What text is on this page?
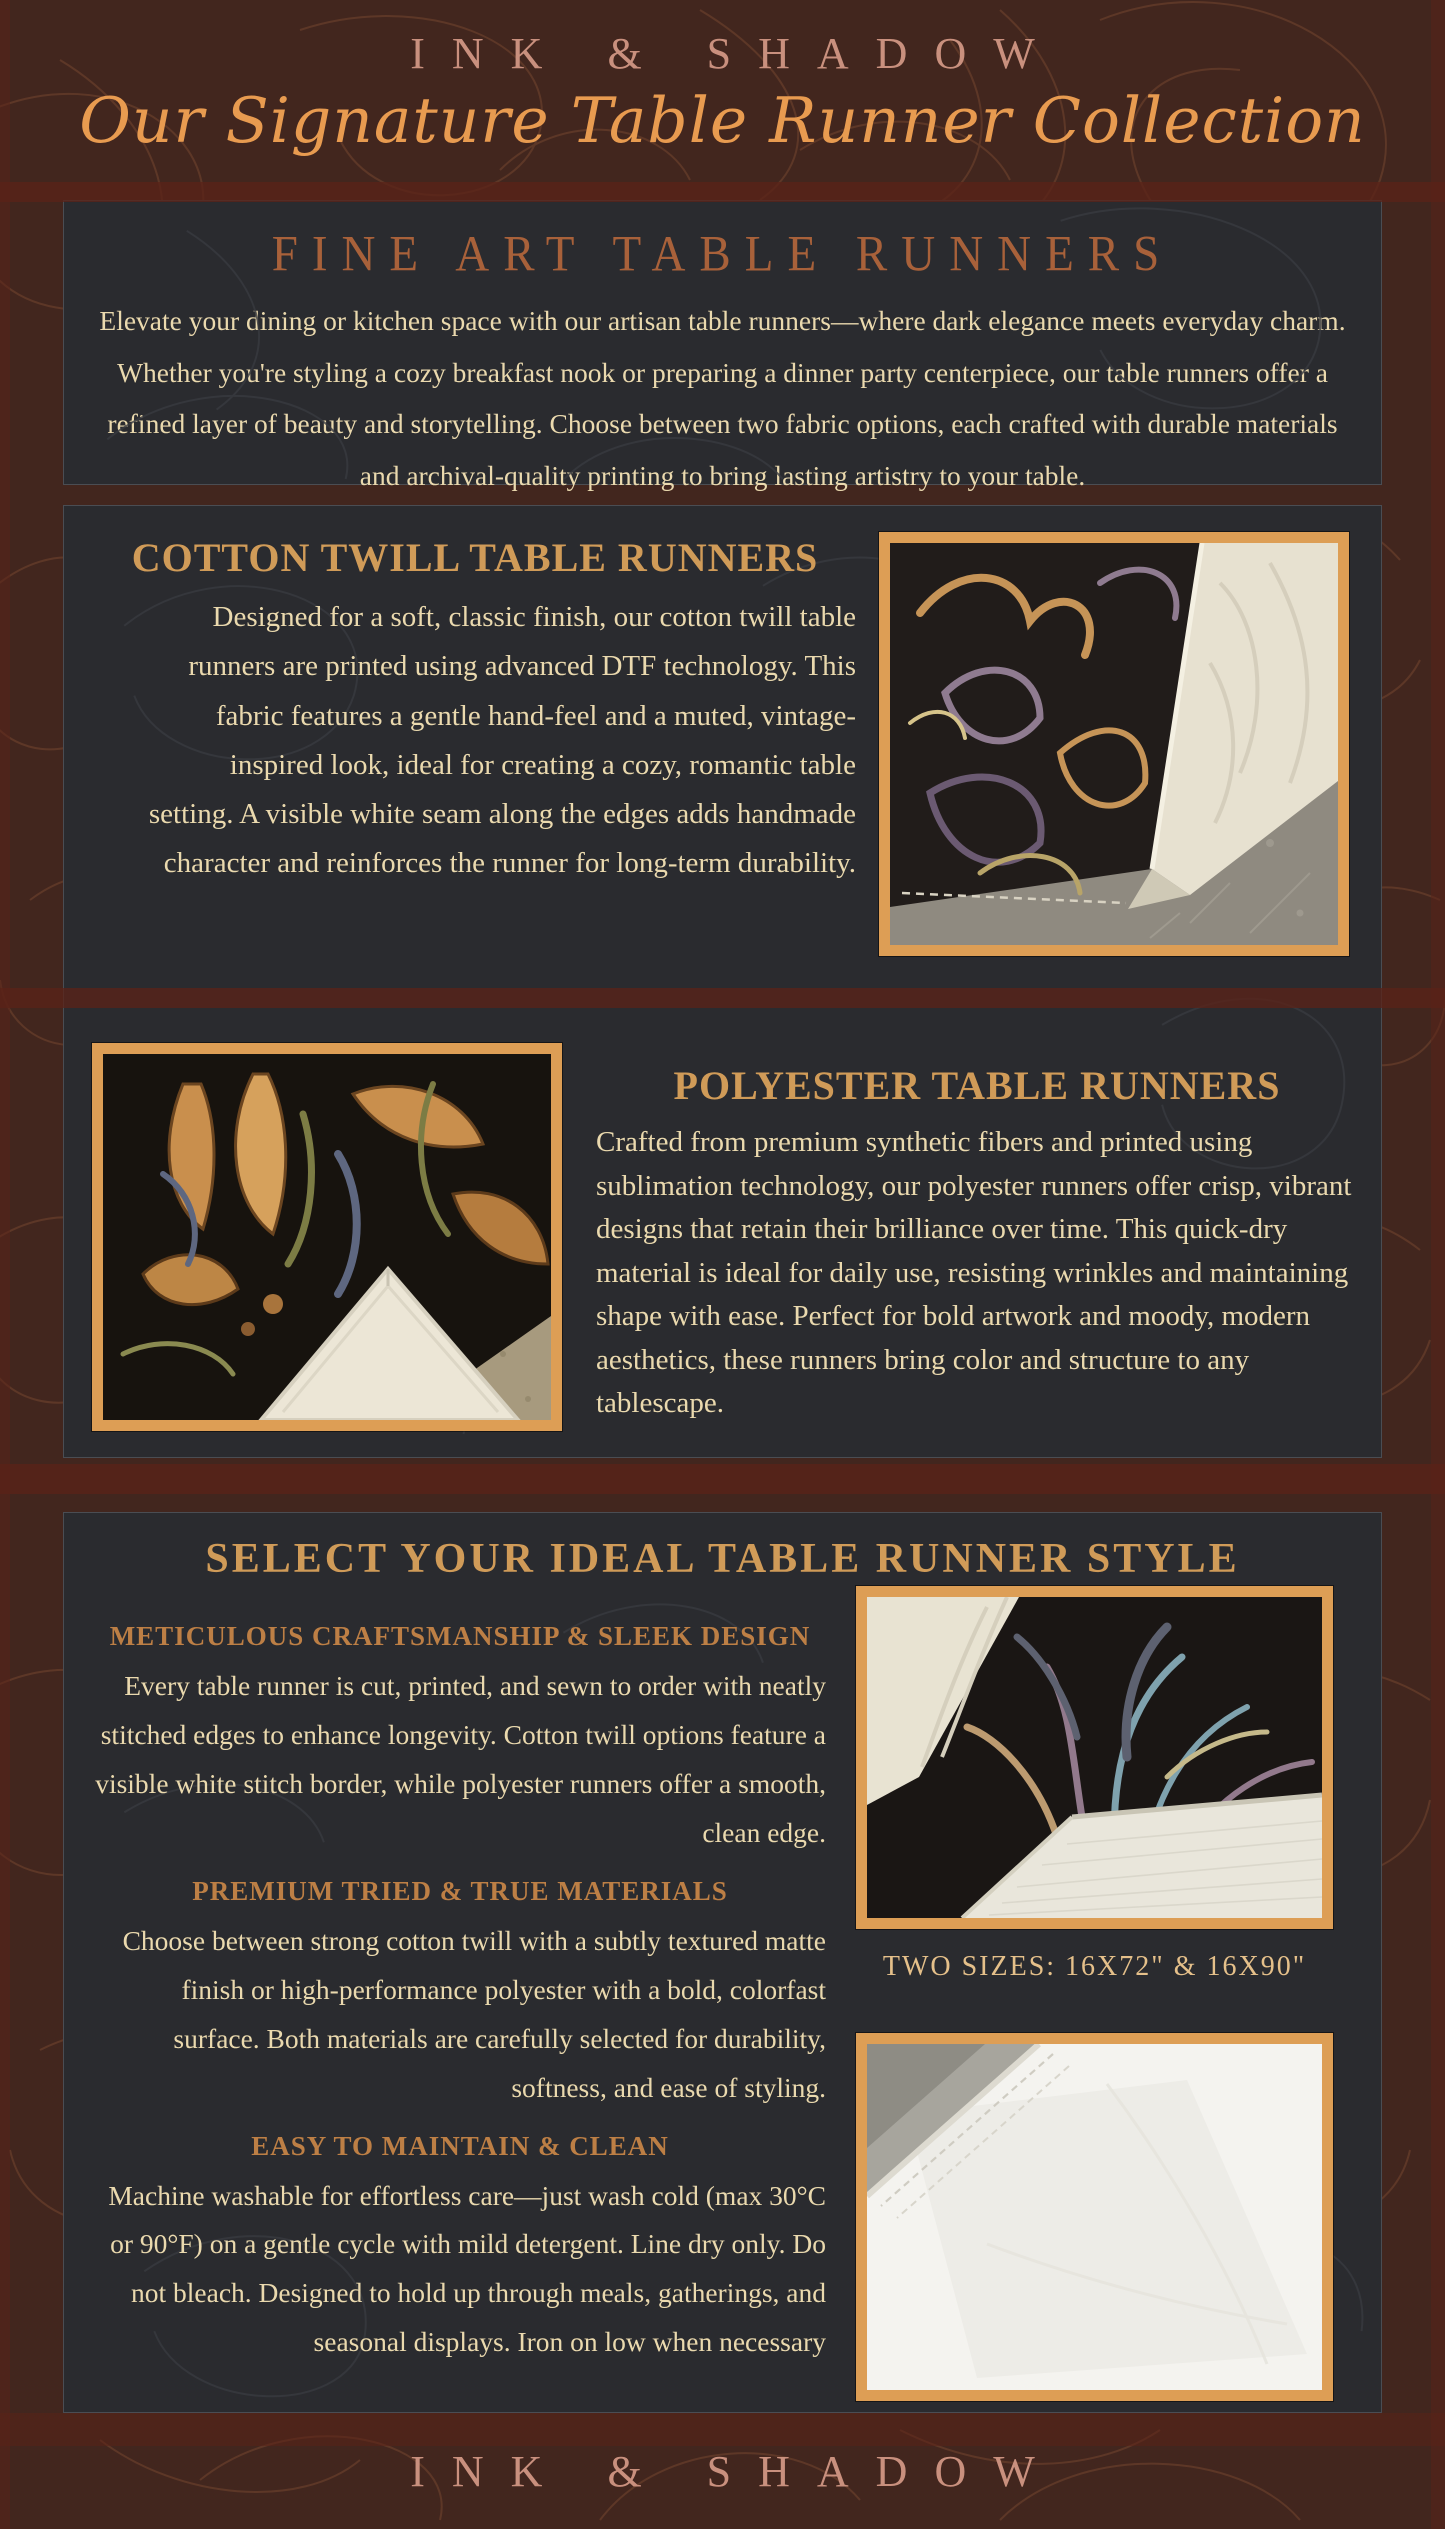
INK & SHADOW
Our Signature Table Runner Collection
FINE ART TABLE RUNNERS

Elevate your dining or kitchen space with our artisan table runners—where dark elegance meets everyday charm. Whether you're styling a cozy breakfast nook or preparing a dinner party centerpiece, our table runners offer a refined layer of beauty and storytelling. Choose between two fabric options, each crafted with durable materials and archival-quality printing to bring lasting artistry to your table.

COTTON TWILL TABLE RUNNERS

Designed for a soft, classic finish, our cotton twill table runners are printed using advanced DTF technology. This fabric features a gentle hand-feel and a muted, vintage-inspired look, ideal for creating a cozy, romantic table setting. A visible white seam along the edges adds handmade character and reinforces the runner for long-term durability.

POLYESTER TABLE RUNNERS

Crafted from premium synthetic fibers and printed using sublimation technology, our polyester runners offer crisp, vibrant designs that retain their brilliance over time. This quick-dry material is ideal for daily use, resisting wrinkles and maintaining shape with ease. Perfect for bold artwork and moody, modern aesthetics, these runners bring color and structure to any tablescape.

SELECT YOUR IDEAL TABLE RUNNER STYLE
METICULOUS CRAFTSMANSHIP & SLEEK DESIGN

Every table runner is cut, printed, and sewn to order with neatly stitched edges to enhance longevity. Cotton twill options feature a visible white stitch border, while polyester runners offer a smooth, clean edge.

PREMIUM TRIED & TRUE MATERIALS

Choose between strong cotton twill with a subtly textured matte finish or high-performance polyester with a bold, colorfast surface. Both materials are carefully selected for durability, softness, and ease of styling.

EASY TO MAINTAIN & CLEAN

Machine washable for effortless care—just wash cold (max 30°C or 90°F) on a gentle cycle with mild detergent. Line dry only. Do not bleach. Designed to hold up through meals, gatherings, and seasonal displays. Iron on low when necessary

TWO SIZES: 16X72" & 16X90"
INK & SHADOW
